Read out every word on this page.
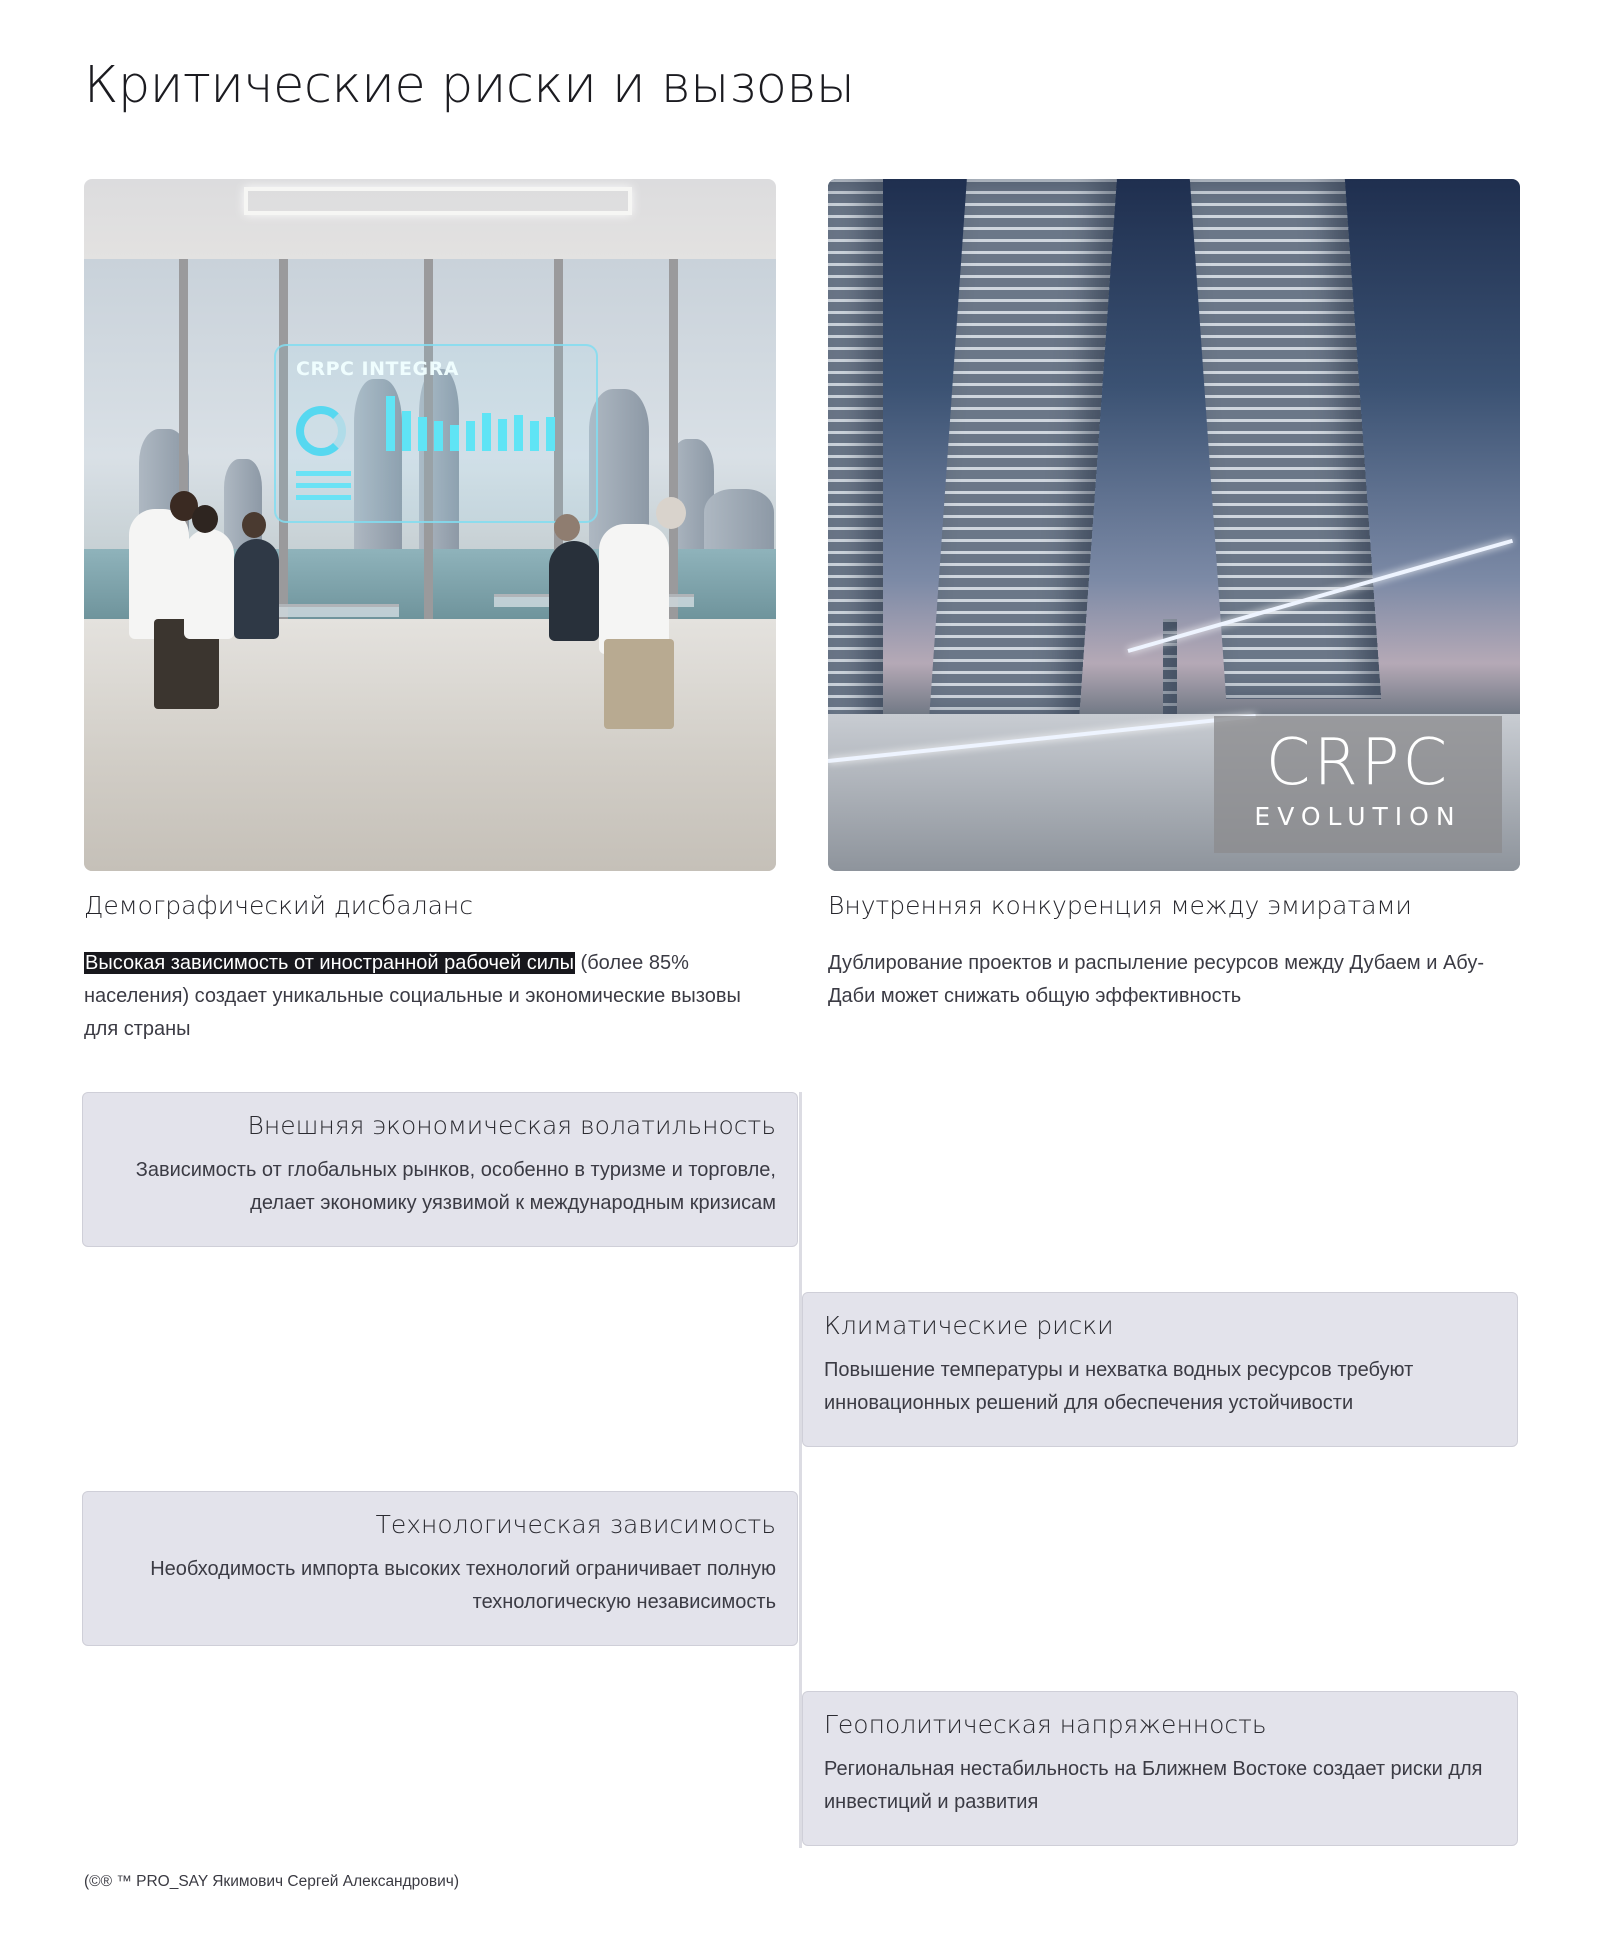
Критические риски и вызовы
CRPC INTEGRA
Демографический дисбаланс

Высокая зависимость от иностранной рабочей силы (более 85% населения) создает уникальные социальные и экономические вызовы для страны

CRPC
EVOLUTION
Внутренняя конкуренция между эмиратами

Дублирование проектов и распыление ресурсов между Дубаем и Абу-Даби может снижать общую эффективность

Внешняя экономическая волатильность

Зависимость от глобальных рынков, особенно в туризме и торговле, делает экономику уязвимой к международным кризисам

Климатические риски

Повышение температуры и нехватка водных ресурсов требуют инновационных решений для обеспечения устойчивости

Технологическая зависимость

Необходимость импорта высоких технологий ограничивает полную технологическую независимость

Геополитическая напряженность

Региональная нестабильность на Ближнем Востоке создает риски для инвестиций и развития

(©® ™ PRO_SAY Якимович Сергей Александрович)
